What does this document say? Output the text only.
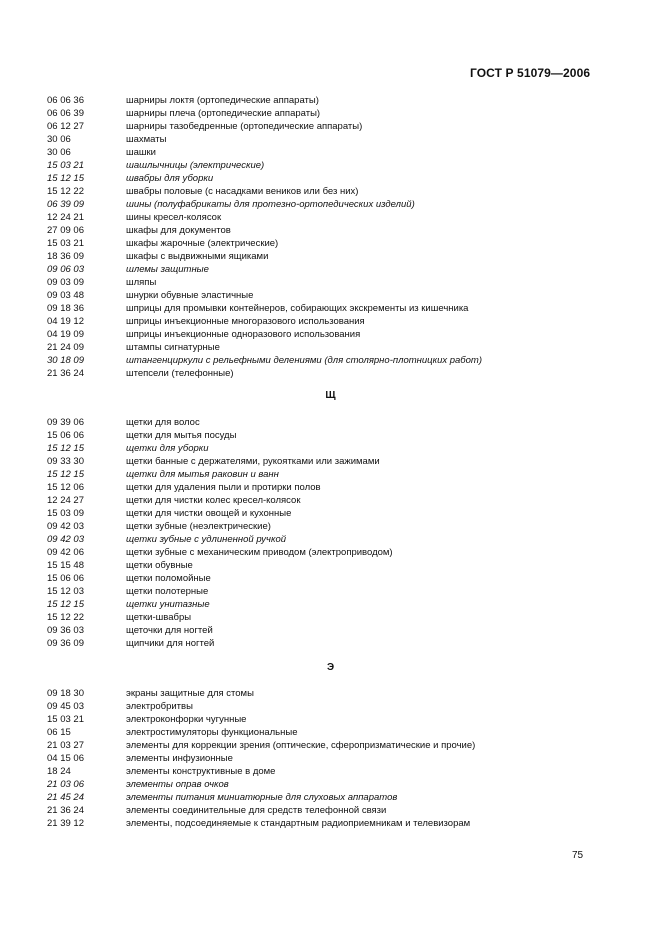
ГОСТ Р 51079—2006
06 06 36	шарниры локтя (ортопедические аппараты)
06 06 39	шарниры плеча (ортопедические аппараты)
06 12 27	шарниры тазобедренные (ортопедические аппараты)
30 06	шахматы
30 06	шашки
15 03 21	шашлычницы (электрические)
15 12 15	швабры для уборки
15 12 22	швабры половые (с насадками веников или без них)
06 39 09	шины (полуфабрикаты для протезно-ортопедических изделий)
12 24 21	шины кресел-колясок
27 09 06	шкафы для документов
15 03 21	шкафы жарочные (электрические)
18 36 09	шкафы с выдвижными ящиками
09 06 03	шлемы защитные
09 03 09	шляпы
09 03 48	шнурки обувные эластичные
09 18 36	шприцы для промывки контейнеров, собирающих экскременты из кишечника
04 19 12	шприцы инъекционные многоразового использования
04 19 09	шприцы инъекционные одноразового использования
21 24 09	штампы сигнатурные
30 18 09	штангенциркули с рельефными делениями (для столярно-плотницких работ)
21 36 24	штепсели (телефонные)
Щ
09 39 06	щетки для волос
15 06 06	щетки для мытья посуды
15 12 15	щетки для уборки
09 33 30	щетки банные с держателями, рукоятками или зажимами
15 12 15	щетки для мытья раковин и ванн
15 12 06	щетки для удаления пыли и протирки полов
12 24 27	щетки для чистки колес кресел-колясок
15 03 09	щетки для чистки овощей и кухонные
09 42 03	щетки зубные (неэлектрические)
09 42 03	щетки зубные с удлиненной ручкой
09 42 06	щетки зубные с механическим приводом (электроприводом)
15 15 48	щетки обувные
15 06 06	щетки поломойные
15 12 03	щетки полотерные
15 12 15	щетки унитазные
15 12 22	щетки-швабры
09 36 03	щеточки для ногтей
09 36 09	щипчики для ногтей
Э
09 18 30	экраны защитные для стомы
09 45 03	электробритвы
15 03 21	электроконфорки чугунные
06 15	электростимуляторы функциональные
21 03 27	элементы для коррекции зрения (оптические, сферопризматические и прочие)
04 15 06	элементы инфузионные
18 24	элементы конструктивные в доме
21 03 06	элементы оправ очков
21 45 24	элементы питания миниатюрные для слуховых аппаратов
21 36 24	элементы соединительные для средств телефонной связи
21 39 12	элементы, подсоединяемые к стандартным радиоприемникам и телевизорам
75
